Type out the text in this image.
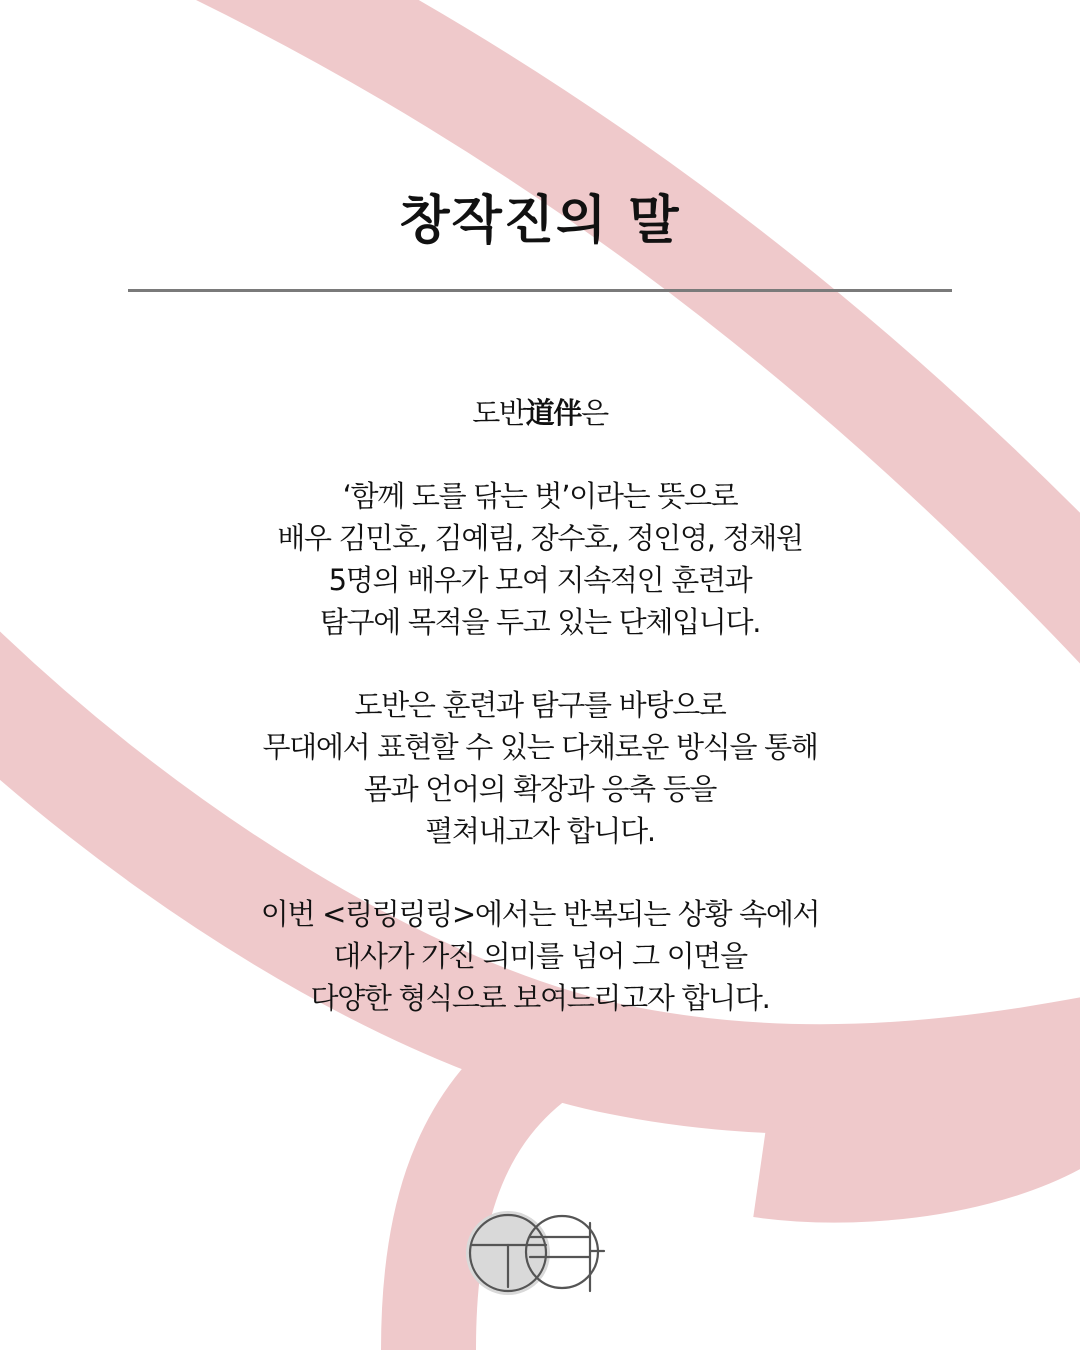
창작진의 말
도반道伴은
‘함께 도를 닦는 벗’이라는 뜻으로
배우 김민호, 김예림, 장수호, 정인영, 정채원
5명의 배우가 모여 지속적인 훈련과
탐구에 목적을 두고 있는 단체입니다.
도반은 훈련과 탐구를 바탕으로
무대에서 표현할 수 있는 다채로운 방식을 통해
몸과 언어의 확장과 응축 등을
펼쳐내고자 합니다.
이번 <링링링링>에서는 반복되는 상황 속에서
대사가 가진 의미를 넘어 그 이면을
다양한 형식으로 보여드리고자 합니다.
